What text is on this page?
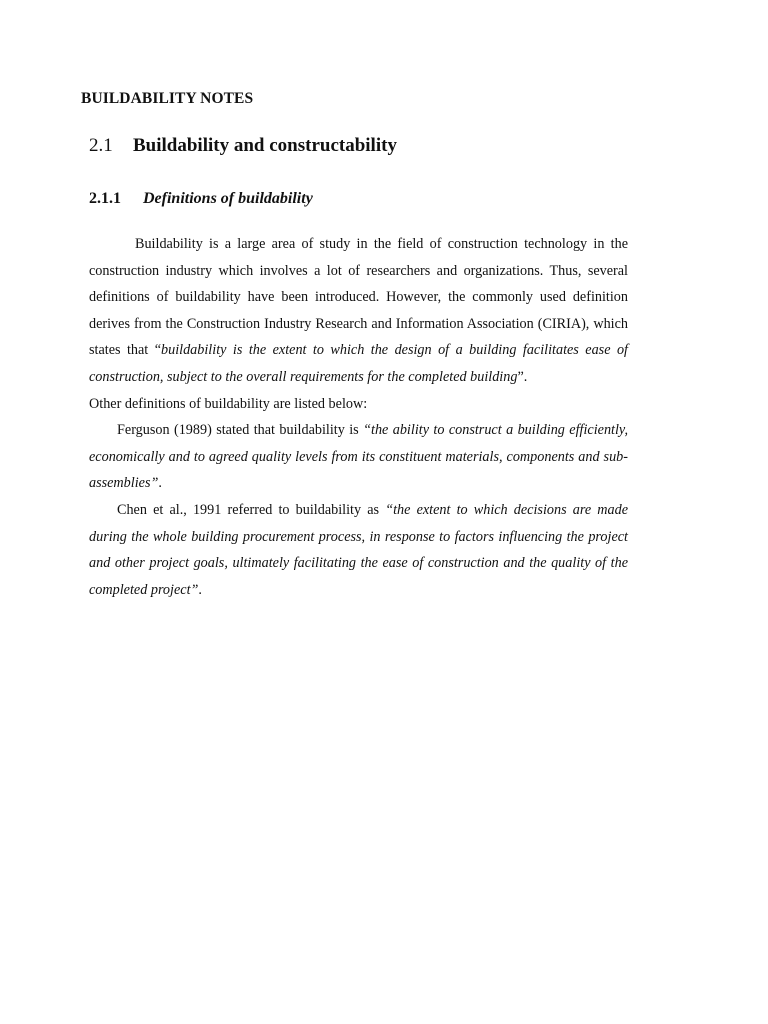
BUILDABILITY NOTES
2.1 Buildability and constructability
2.1.1 Definitions of buildability

Buildability is a large area of study in the field of construction technology in the construction industry which involves a lot of researchers and organizations. Thus, several definitions of buildability have been introduced. However, the commonly used definition derives from the Construction Industry Research and Information Association (CIRIA), which states that “buildability is the extent to which the design of a building facilitates ease of construction, subject to the overall requirements for the completed building”.

Other definitions of buildability are listed below:

Ferguson (1989) stated that buildability is “the ability to construct a building efficiently, economically and to agreed quality levels from its constituent materials, components and sub-assemblies”.

Chen et al., 1991 referred to buildability as “the extent to which decisions are made during the whole building procurement process, in response to factors influencing the project and other project goals, ultimately facilitating the ease of construction and the quality of the completed project”.
